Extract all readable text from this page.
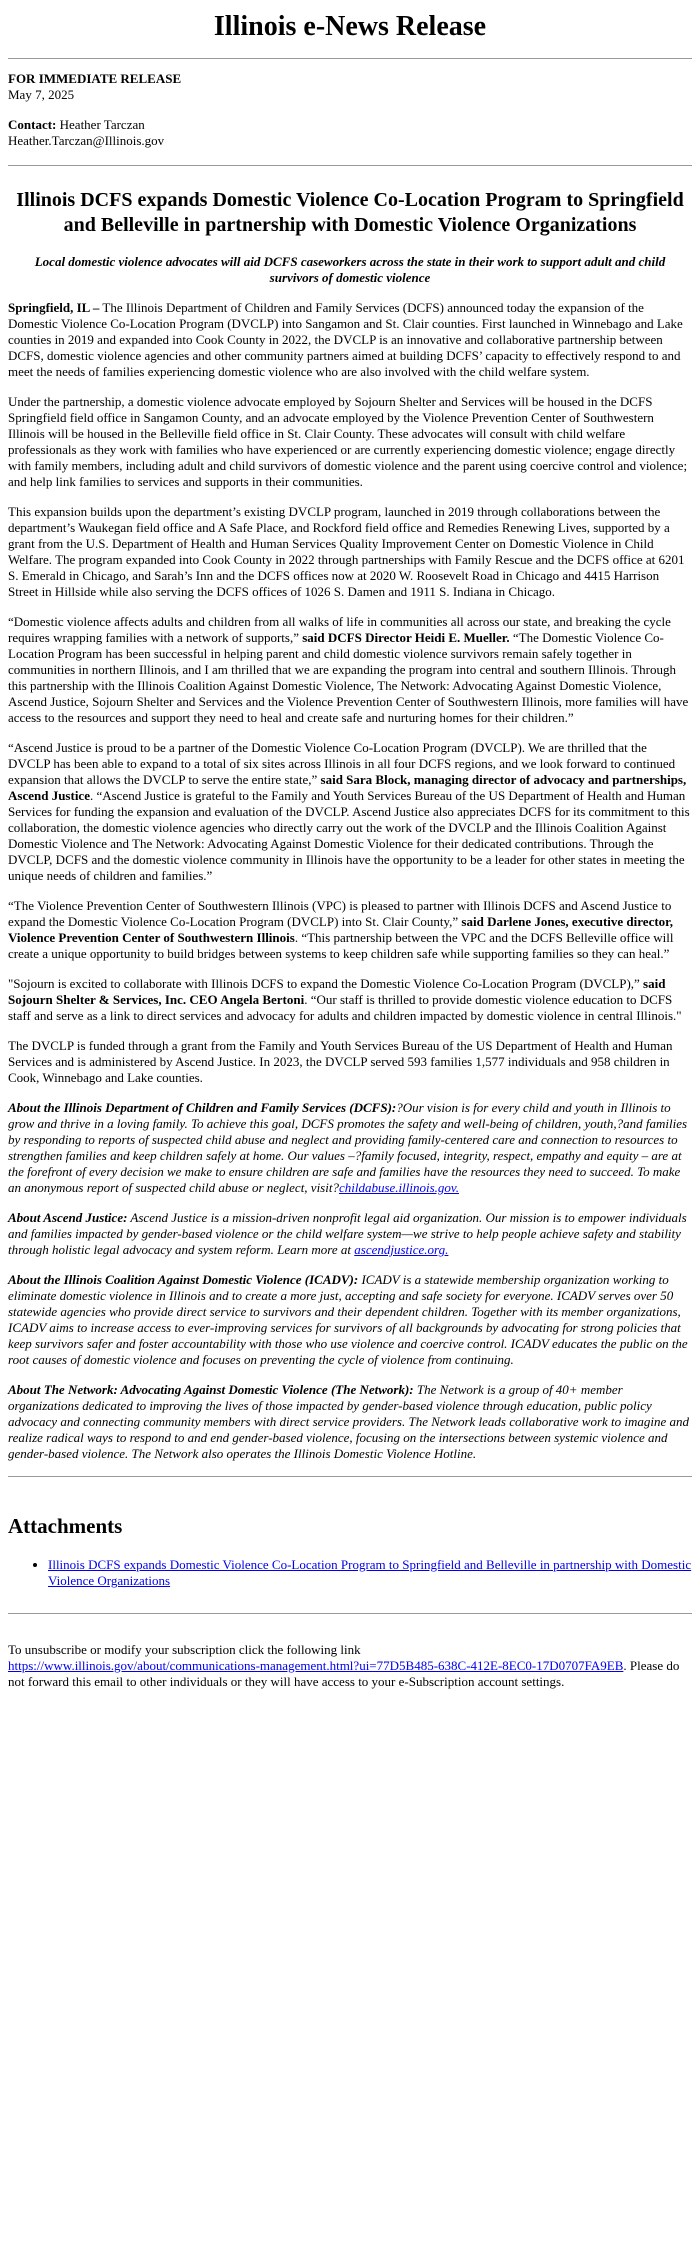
Illinois e-News Release
FOR IMMEDIATE RELEASE
May 7, 2025
Contact: Heather Tarczan
Heather.Tarczan@Illinois.gov
Illinois DCFS expands Domestic Violence Co-Location Program to Springfield and Belleville in partnership with Domestic Violence Organizations
Local domestic violence advocates will aid DCFS caseworkers across the state in their work to support adult and child survivors of domestic violence

Springfield, IL – The Illinois Department of Children and Family Services (DCFS) announced today the expansion of the Domestic Violence Co-Location Program (DVCLP) into Sangamon and St. Clair counties. First launched in Winnebago and Lake counties in 2019 and expanded into Cook County in 2022, the DVCLP is an innovative and collaborative partnership between DCFS, domestic violence agencies and other community partners aimed at building DCFS’ capacity to effectively respond to and meet the needs of families experiencing domestic violence who are also involved with the child welfare system.

Under the partnership, a domestic violence advocate employed by Sojourn Shelter and Services will be housed in the DCFS Springfield field office in Sangamon County, and an advocate employed by the Violence Prevention Center of Southwestern Illinois will be housed in the Belleville field office in St. Clair County. These advocates will consult with child welfare professionals as they work with families who have experienced or are currently experiencing domestic violence; engage directly with family members, including adult and child survivors of domestic violence and the parent using coercive control and violence; and help link families to services and supports in their communities.

This expansion builds upon the department’s existing DVCLP program, launched in 2019 through collaborations between the department’s Waukegan field office and A Safe Place, and Rockford field office and Remedies Renewing Lives, supported by a grant from the U.S. Department of Health and Human Services Quality Improvement Center on Domestic Violence in Child Welfare. The program expanded into Cook County in 2022 through partnerships with Family Rescue and the DCFS office at 6201 S. Emerald in Chicago, and Sarah’s Inn and the DCFS offices now at 2020 W. Roosevelt Road in Chicago and 4415 Harrison Street in Hillside while also serving the DCFS offices of 1026 S. Damen and 1911 S. Indiana in Chicago.

“Domestic violence affects adults and children from all walks of life in communities all across our state, and breaking the cycle requires wrapping families with a network of supports,” said DCFS Director Heidi E. Mueller. “The Domestic Violence Co-Location Program has been successful in helping parent and child domestic violence survivors remain safely together in communities in northern Illinois, and I am thrilled that we are expanding the program into central and southern Illinois. Through this partnership with the Illinois Coalition Against Domestic Violence, The Network: Advocating Against Domestic Violence, Ascend Justice, Sojourn Shelter and Services and the Violence Prevention Center of Southwestern Illinois, more families will have access to the resources and support they need to heal and create safe and nurturing homes for their children.”

“Ascend Justice is proud to be a partner of the Domestic Violence Co-Location Program (DVCLP). We are thrilled that the DVCLP has been able to expand to a total of six sites across Illinois in all four DCFS regions, and we look forward to continued expansion that allows the DVCLP to serve the entire state,” said Sara Block, managing director of advocacy and partnerships, Ascend Justice. “Ascend Justice is grateful to the Family and Youth Services Bureau of the US Department of Health and Human Services for funding the expansion and evaluation of the DVCLP. Ascend Justice also appreciates DCFS for its commitment to this collaboration, the domestic violence agencies who directly carry out the work of the DVCLP and the Illinois Coalition Against Domestic Violence and The Network: Advocating Against Domestic Violence for their dedicated contributions. Through the DVCLP, DCFS and the domestic violence community in Illinois have the opportunity to be a leader for other states in meeting the unique needs of children and families.”

“The Violence Prevention Center of Southwestern Illinois (VPC) is pleased to partner with Illinois DCFS and Ascend Justice to expand the Domestic Violence Co-Location Program (DVCLP) into St. Clair County,” said Darlene Jones, executive director, Violence Prevention Center of Southwestern Illinois. “This partnership between the VPC and the DCFS Belleville office will create a unique opportunity to build bridges between systems to keep children safe while supporting families so they can heal.”

"Sojourn is excited to collaborate with Illinois DCFS to expand the Domestic Violence Co-Location Program (DVCLP),” said Sojourn Shelter & Services, Inc. CEO Angela Bertoni. “Our staff is thrilled to provide domestic violence education to DCFS staff and serve as a link to direct services and advocacy for adults and children impacted by domestic violence in central Illinois."

The DVCLP is funded through a grant from the Family and Youth Services Bureau of the US Department of Health and Human Services and is administered by Ascend Justice. In 2023, the DVCLP served 593 families 1,577 individuals and 958 children in Cook, Winnebago and Lake counties.

About the Illinois Department of Children and Family Services (DCFS):?Our vision is for every child and youth in Illinois to grow and thrive in a loving family. To achieve this goal, DCFS promotes the safety and well-being of children, youth,?and families by responding to reports of suspected child abuse and neglect and providing family-centered care and connection to resources to strengthen families and keep children safely at home. Our values –?family focused, integrity, respect, empathy and equity – are at the forefront of every decision we make to ensure children are safe and families have the resources they need to succeed. To make an anonymous report of suspected child abuse or neglect, visit?childabuse.illinois.gov.

About Ascend Justice: Ascend Justice is a mission-driven nonprofit legal aid organization. Our mission is to empower individuals and families impacted by gender-based violence or the child welfare system—we strive to help people achieve safety and stability through holistic legal advocacy and system reform. Learn more at ascendjustice.org.

About the Illinois Coalition Against Domestic Violence (ICADV): ICADV is a statewide membership organization working to eliminate domestic violence in Illinois and to create a more just, accepting and safe society for everyone. ICADV serves over 50 statewide agencies who provide direct service to survivors and their dependent children. Together with its member organizations, ICADV aims to increase access to ever-improving services for survivors of all backgrounds by advocating for strong policies that keep survivors safer and foster accountability with those who use violence and coercive control. ICADV educates the public on the root causes of domestic violence and focuses on preventing the cycle of violence from continuing.

About The Network: Advocating Against Domestic Violence (The Network): The Network is a group of 40+ member organizations dedicated to improving the lives of those impacted by gender-based violence through education, public policy advocacy and connecting community members with direct service providers. The Network leads collaborative work to imagine and realize radical ways to respond to and end gender-based violence, focusing on the intersections between systemic violence and gender-based violence. The Network also operates the Illinois Domestic Violence Hotline.

Attachments
• Illinois DCFS expands Domestic Violence Co-Location Program to Springfield and Belleville in partnership with Domestic Violence Organizations

To unsubscribe or modify your subscription click the following link
https://www.illinois.gov/about/communications-management.html?ui=77D5B485-638C-412E-8EC0-17D0707FA9EB. Please do not forward this email to other individuals or they will have access to your e-Subscription account settings.
